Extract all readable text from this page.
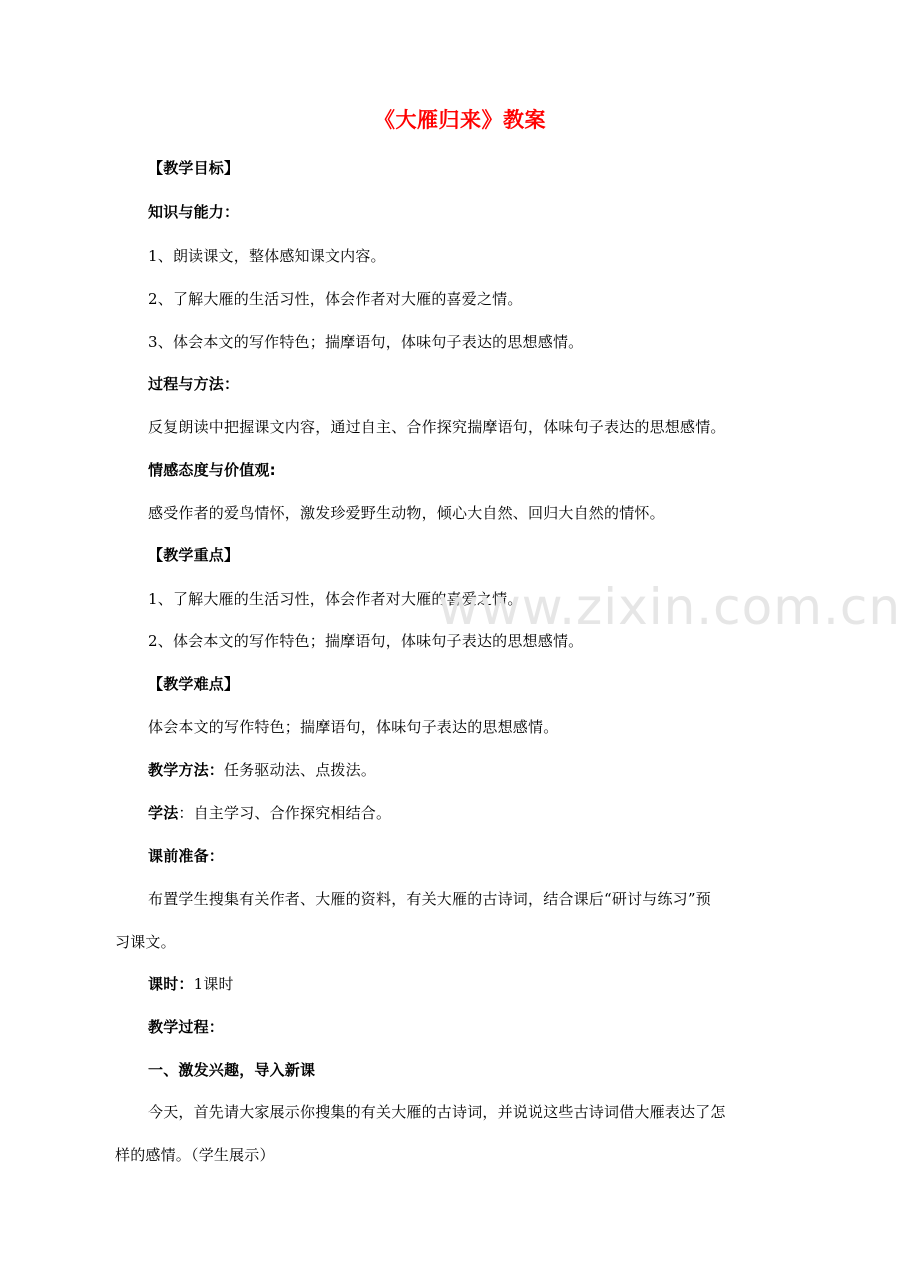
《大雁归来》教案
【教学目标】
知识与能力：
1、朗读课文，整体感知课文内容。
2、了解大雁的生活习性，体会作者对大雁的喜爱之情。
3、体会本文的写作特色；揣摩语句，体味句子表达的思想感情。
过程与方法：
反复朗读中把握课文内容，通过自主、合作探究揣摩语句，体味句子表达的思想感情。
情感态度与价值观:
感受作者的爱鸟情怀，激发珍爱野生动物，倾心大自然、回归大自然的情怀。
【教学重点】
1、了解大雁的生活习性，体会作者对大雁的喜爱之情。
2、体会本文的写作特色；揣摩语句，体味句子表达的思想感情。
【教学难点】
体会本文的写作特色；揣摩语句，体味句子表达的思想感情。
教学方法：任务驱动法、点拨法。
学法：自主学习、合作探究相结合。
课前准备：
布置学生搜集有关作者、大雁的资料，有关大雁的古诗词，结合课后“研讨与练习”预
习课文。
课时：1课时
教学过程：
一、激发兴趣，导入新课
今天，首先请大家展示你搜集的有关大雁的古诗词，并说说这些古诗词借大雁表达了怎
样的感情。（学生展示）
www.zixin.com.cn
